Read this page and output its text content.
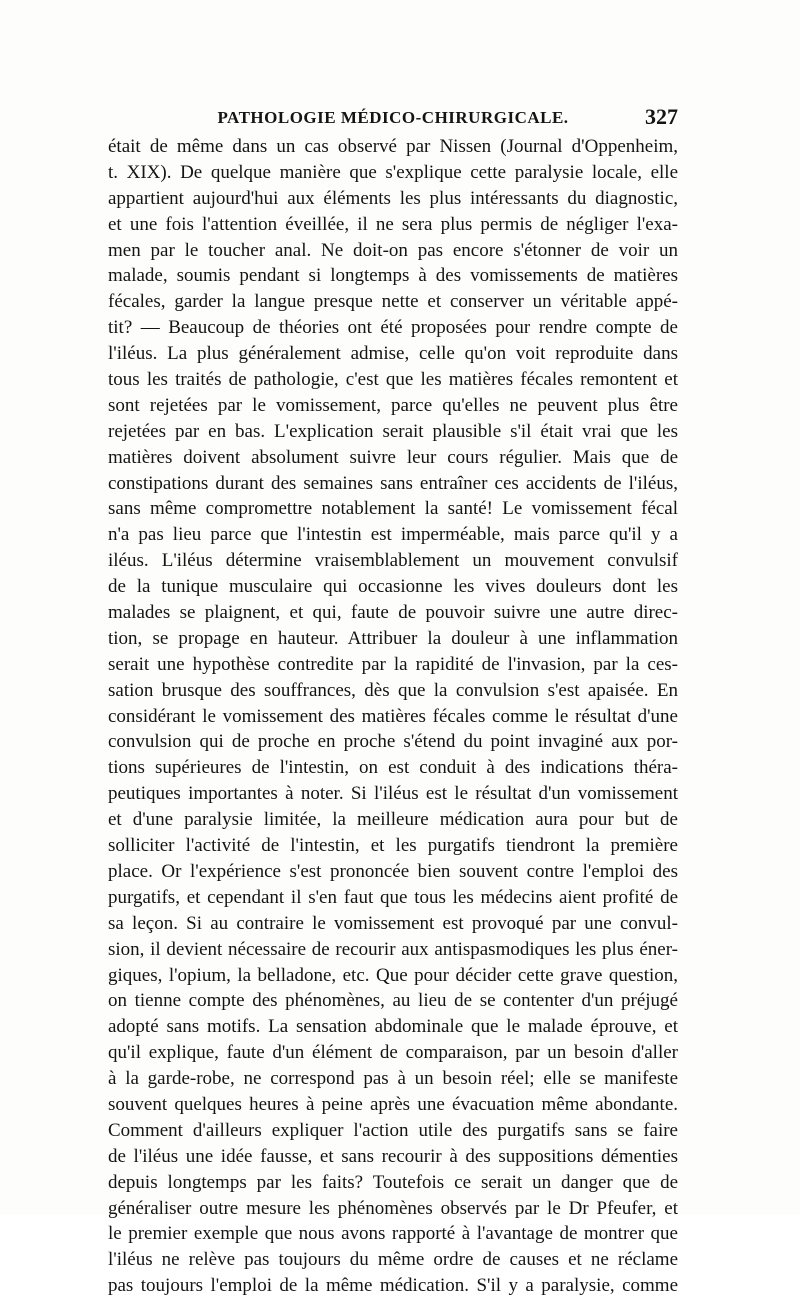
PATHOLOGIE MÉDICO-CHIRURGICALE.	327
était de même dans un cas observé par Nissen (Journal d'Oppenheim,
t. XIX). De quelque manière que s'explique cette paralysie locale, elle
appartient aujourd'hui aux éléments les plus intéressants du diagnostic,
et une fois l'attention éveillée, il ne sera plus permis de négliger l'exa-
men par le toucher anal. Ne doit-on pas encore s'étonner de voir un
malade, soumis pendant si longtemps à des vomissements de matières
fécales, garder la langue presque nette et conserver un véritable appé-
tit? — Beaucoup de théories ont été proposées pour rendre compte de
l'iléus. La plus généralement admise, celle qu'on voit reproduite dans
tous les traités de pathologie, c'est que les matières fécales remontent et
sont rejetées par le vomissement, parce qu'elles ne peuvent plus être
rejetées par en bas. L'explication serait plausible s'il était vrai que les
matières doivent absolument suivre leur cours régulier. Mais que de
constipations durant des semaines sans entraîner ces accidents de l'iléus,
sans même compromettre notablement la santé! Le vomissement fécal
n'a pas lieu parce que l'intestin est imperméable, mais parce qu'il y a
iléus. L'iléus détermine vraisemblablement un mouvement convulsif
de la tunique musculaire qui occasionne les vives douleurs dont les
malades se plaignent, et qui, faute de pouvoir suivre une autre direc-
tion, se propage en hauteur. Attribuer la douleur à une inflammation
serait une hypothèse contredite par la rapidité de l'invasion, par la ces-
sation brusque des souffrances, dès que la convulsion s'est apaisée. En
considérant le vomissement des matières fécales comme le résultat d'une
convulsion qui de proche en proche s'étend du point invaginé aux por-
tions supérieures de l'intestin, on est conduit à des indications théra-
peutiques importantes à noter. Si l'iléus est le résultat d'un vomissement
et d'une paralysie limitée, la meilleure médication aura pour but de
solliciter l'activité de l'intestin, et les purgatifs tiendront la première
place. Or l'expérience s'est prononcée bien souvent contre l'emploi des
purgatifs, et cependant il s'en faut que tous les médecins aient profité de
sa leçon. Si au contraire le vomissement est provoqué par une convul-
sion, il devient nécessaire de recourir aux antispasmodiques les plus éner-
giques, l'opium, la belladone, etc. Que pour décider cette grave question,
on tienne compte des phénomènes, au lieu de se contenter d'un préjugé
adopté sans motifs. La sensation abdominale que le malade éprouve, et
qu'il explique, faute d'un élément de comparaison, par un besoin d'aller
à la garde-robe, ne correspond pas à un besoin réel; elle se manifeste
souvent quelques heures à peine après une évacuation même abondante.
Comment d'ailleurs expliquer l'action utile des purgatifs sans se faire
de l'iléus une idée fausse, et sans recourir à des suppositions démenties
depuis longtemps par les faits? Toutefois ce serait un danger que de
généraliser outre mesure les phénomènes observés par le Dr Pfeufer, et
le premier exemple que nous avons rapporté à l'avantage de montrer que
l'iléus ne relève pas toujours du même ordre de causes et ne réclame
pas toujours l'emploi de la même médication. S'il y a paralysie, comme
